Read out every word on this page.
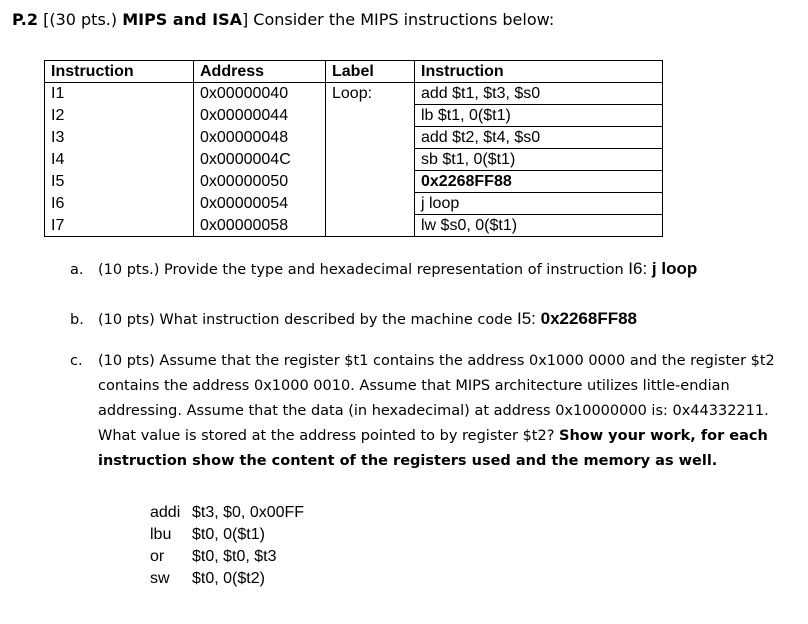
P.2 [(30 pts.) MIPS and ISA] Consider the MIPS instructions below:
Instruction	Address	Label	Instruction
I1	0x00000040	Loop:	add $t1, $t3, $s0
I2	0x00000044		lb $t1, 0($t1)
I3	0x00000048		add $t2, $t4, $s0
I4	0x0000004C		sb $t1, 0($t1)
I5	0x00000050		0x2268FF88
I6	0x00000054		j loop
I7	0x00000058		lw $s0, 0($t1)
a. (10 pts.) Provide the type and hexadecimal representation of instruction I6: j loop
b. (10 pts) What instruction described by the machine code I5: 0x2268FF88
c. (10 pts) Assume that the register $t1 contains the address 0x1000 0000 and the register $t2
contains the address 0x1000 0010. Assume that MIPS architecture utilizes little-endian
addressing. Assume that the data (in hexadecimal) at address 0x10000000 is: 0x44332211.
What value is stored at the address pointed to by register $t2? Show your work, for each
instruction show the content of the registers used and the memory as well.
addi $t3, $0, 0x00FF
lbu $t0, 0($t1)
or $t0, $t0, $t3
sw $t0, 0($t2)
